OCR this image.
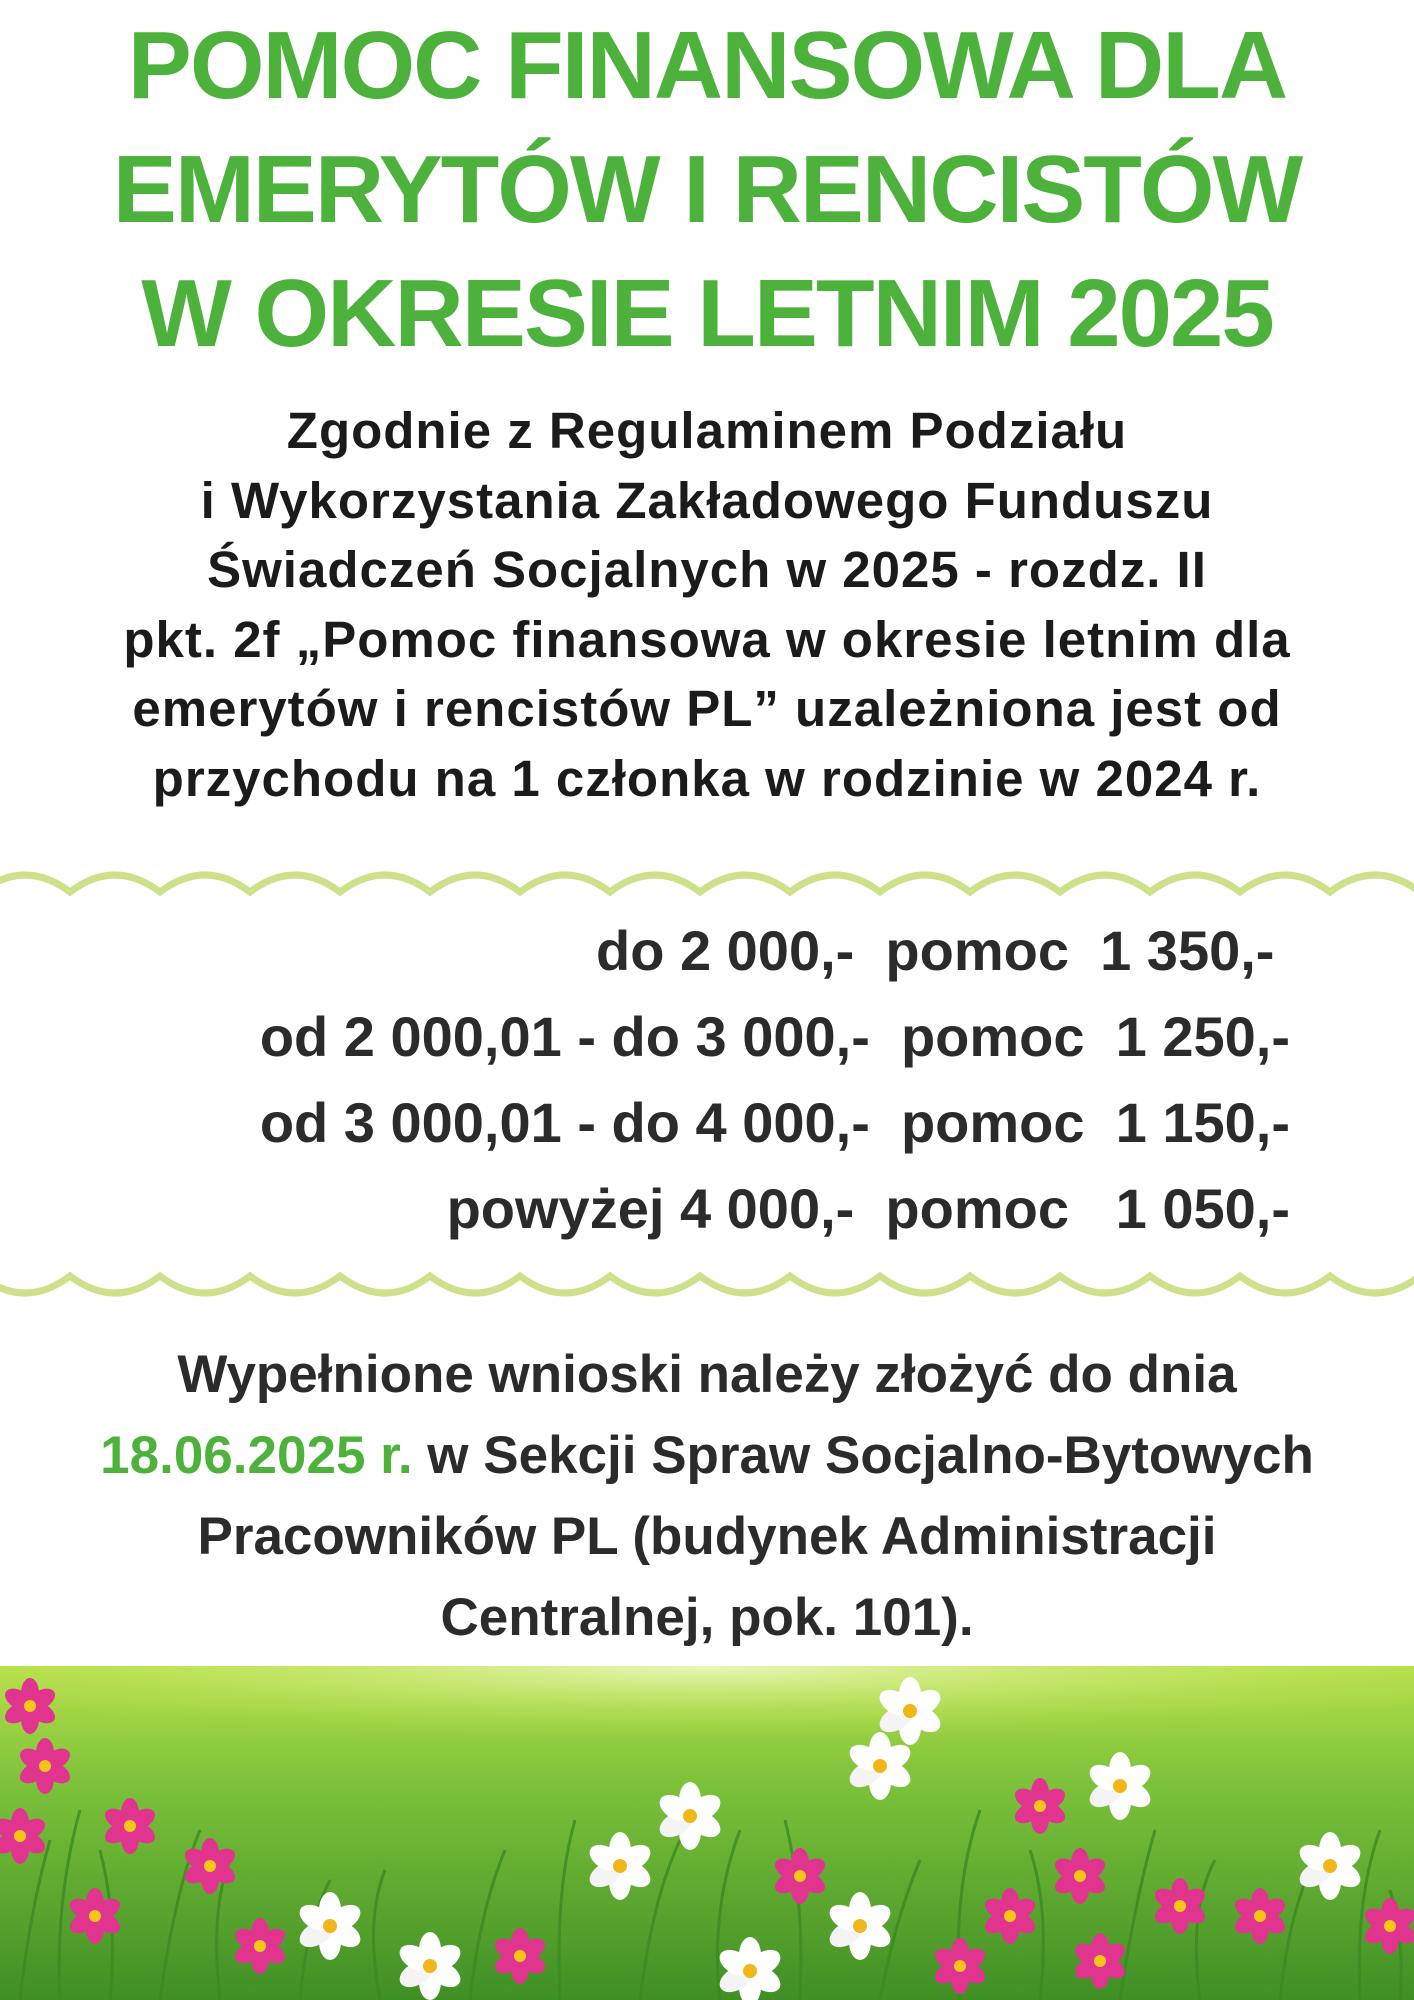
POMOC FINANSOWA DLA
EMERYTÓW I RENCISTÓW
W OKRESIE LETNIM 2025
Zgodnie z Regulaminem Podziału
i Wykorzystania Zakładowego Funduszu
Świadczeń Socjalnych w 2025 - rozdz. II
pkt. 2f „Pomoc finansowa w okresie letnim dla
emerytów i rencistów PL” uzależniona jest od
przychodu na 1 członka w rodzinie w 2024 r.
do 2 000,-  pomoc  1 350,-
od 2 000,01 - do 3 000,-  pomoc  1 250,-
od 3 000,01 - do 4 000,-  pomoc  1 150,-
powyżej 4 000,-  pomoc   1 050,-
Wypełnione wnioski należy złożyć do dnia
18.06.2025 r. w Sekcji Spraw Socjalno-Bytowych
Pracowników PL (budynek Administracji
Centralnej, pok. 101).
